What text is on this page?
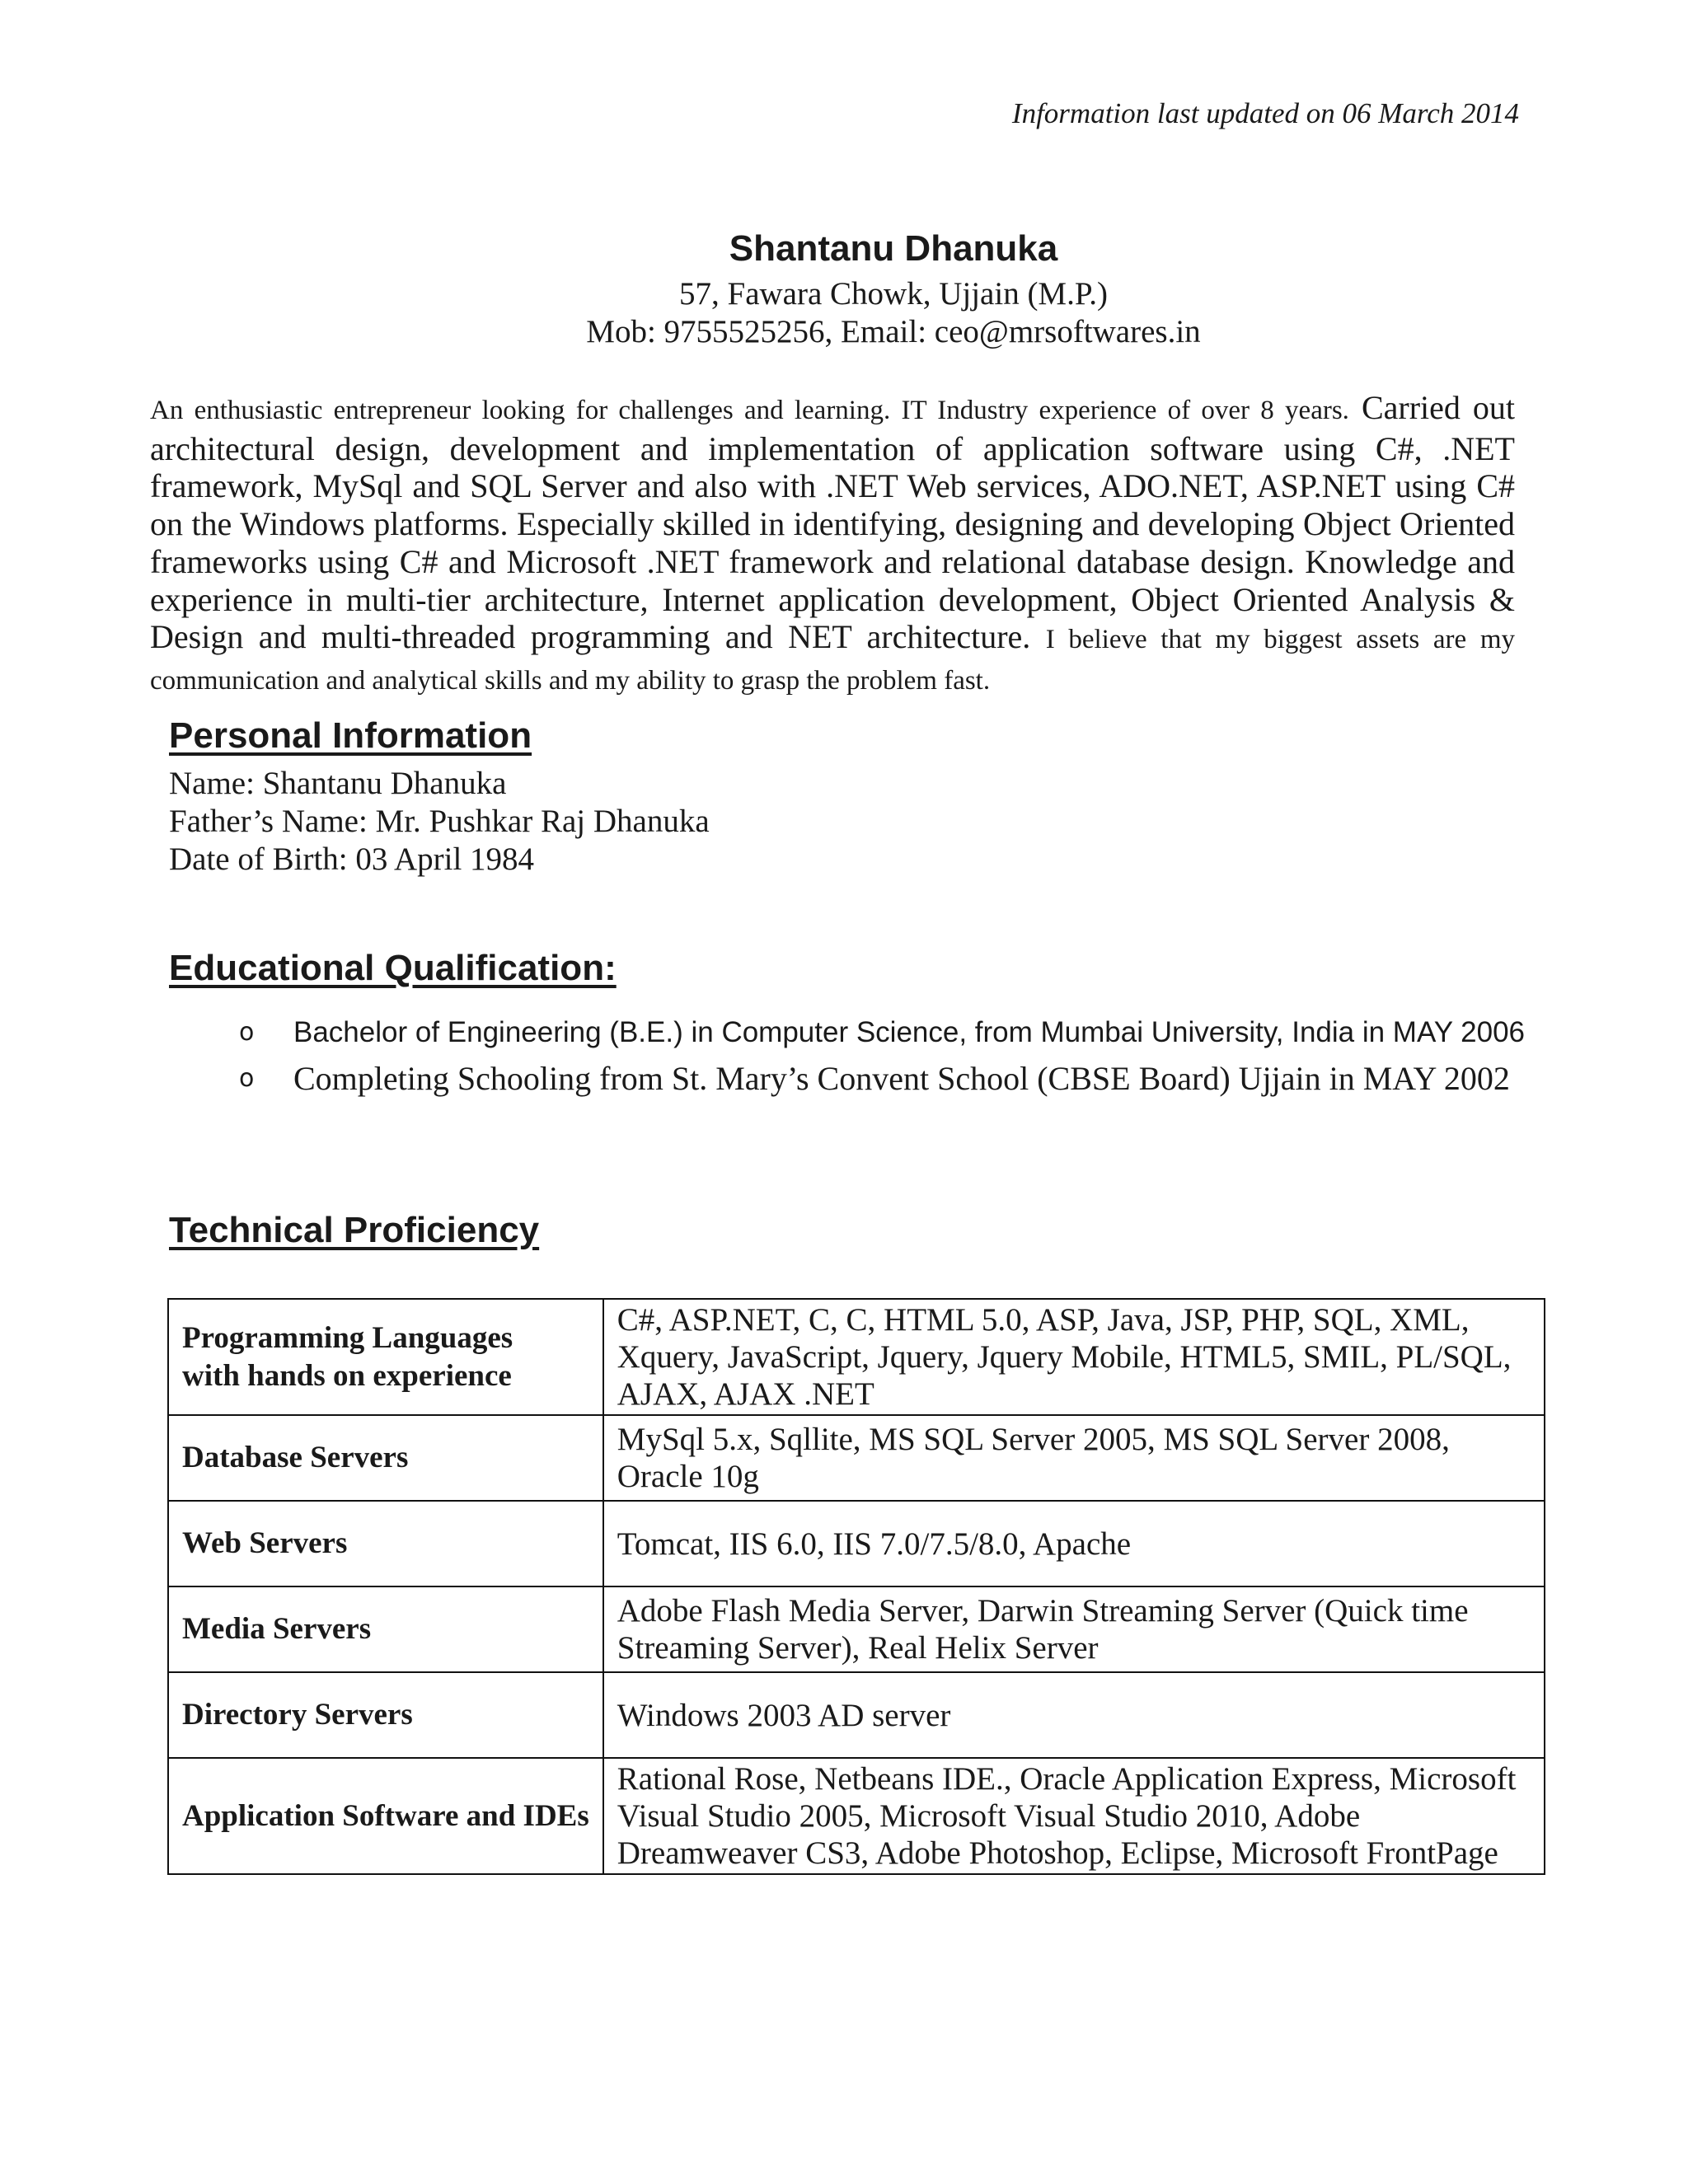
Information last updated on 06 March 2014
Shantanu Dhanuka
57, Fawara Chowk, Ujjain (M.P.)
Mob: 9755525256, Email: ceo@mrsoftwares.in
An enthusiastic entrepreneur looking for challenges and learning. IT Industry experience of over 8 years. Carried out architectural design, development and implementation of application software using C#, .NET framework, MySql and SQL Server and also with .NET Web services, ADO.NET, ASP.NET using C# on the Windows platforms. Especially skilled in identifying, designing and developing Object Oriented frameworks using C# and Microsoft .NET framework and relational database design. Knowledge and experience in multi-tier architecture, Internet application development, Object Oriented Analysis & Design and multi-threaded programming and NET architecture. I believe that my biggest assets are my communication and analytical skills and my ability to grasp the problem fast.
Personal Information
Name: Shantanu Dhanuka
Father’s Name: Mr. Pushkar Raj Dhanuka
Date of Birth: 03 April 1984
Educational Qualification:
o	Bachelor of Engineering (B.E.) in Computer Science, from Mumbai University, India in MAY 2006
o	Completing Schooling from St. Mary’s Convent School (CBSE Board) Ujjain in MAY 2002
Technical Proficiency
Programming Languages with hands on experience	C#, ASP.NET, C, C, HTML 5.0, ASP, Java, JSP, PHP, SQL, XML, Xquery, JavaScript, Jquery, Jquery Mobile, HTML5, SMIL, PL/SQL, AJAX, AJAX .NET
Database Servers	MySql 5.x, Sqllite, MS SQL Server 2005, MS SQL Server 2008, Oracle 10g
Web Servers	Tomcat, IIS 6.0, IIS 7.0/7.5/8.0, Apache
Media Servers	Adobe Flash Media Server, Darwin Streaming Server (Quick time Streaming Server), Real Helix Server
Directory Servers	Windows 2003 AD server
Application Software and IDEs	Rational Rose, Netbeans IDE., Oracle Application Express, Microsoft Visual Studio 2005, Microsoft Visual Studio 2010, Adobe Dreamweaver CS3, Adobe Photoshop, Eclipse, Microsoft FrontPage
